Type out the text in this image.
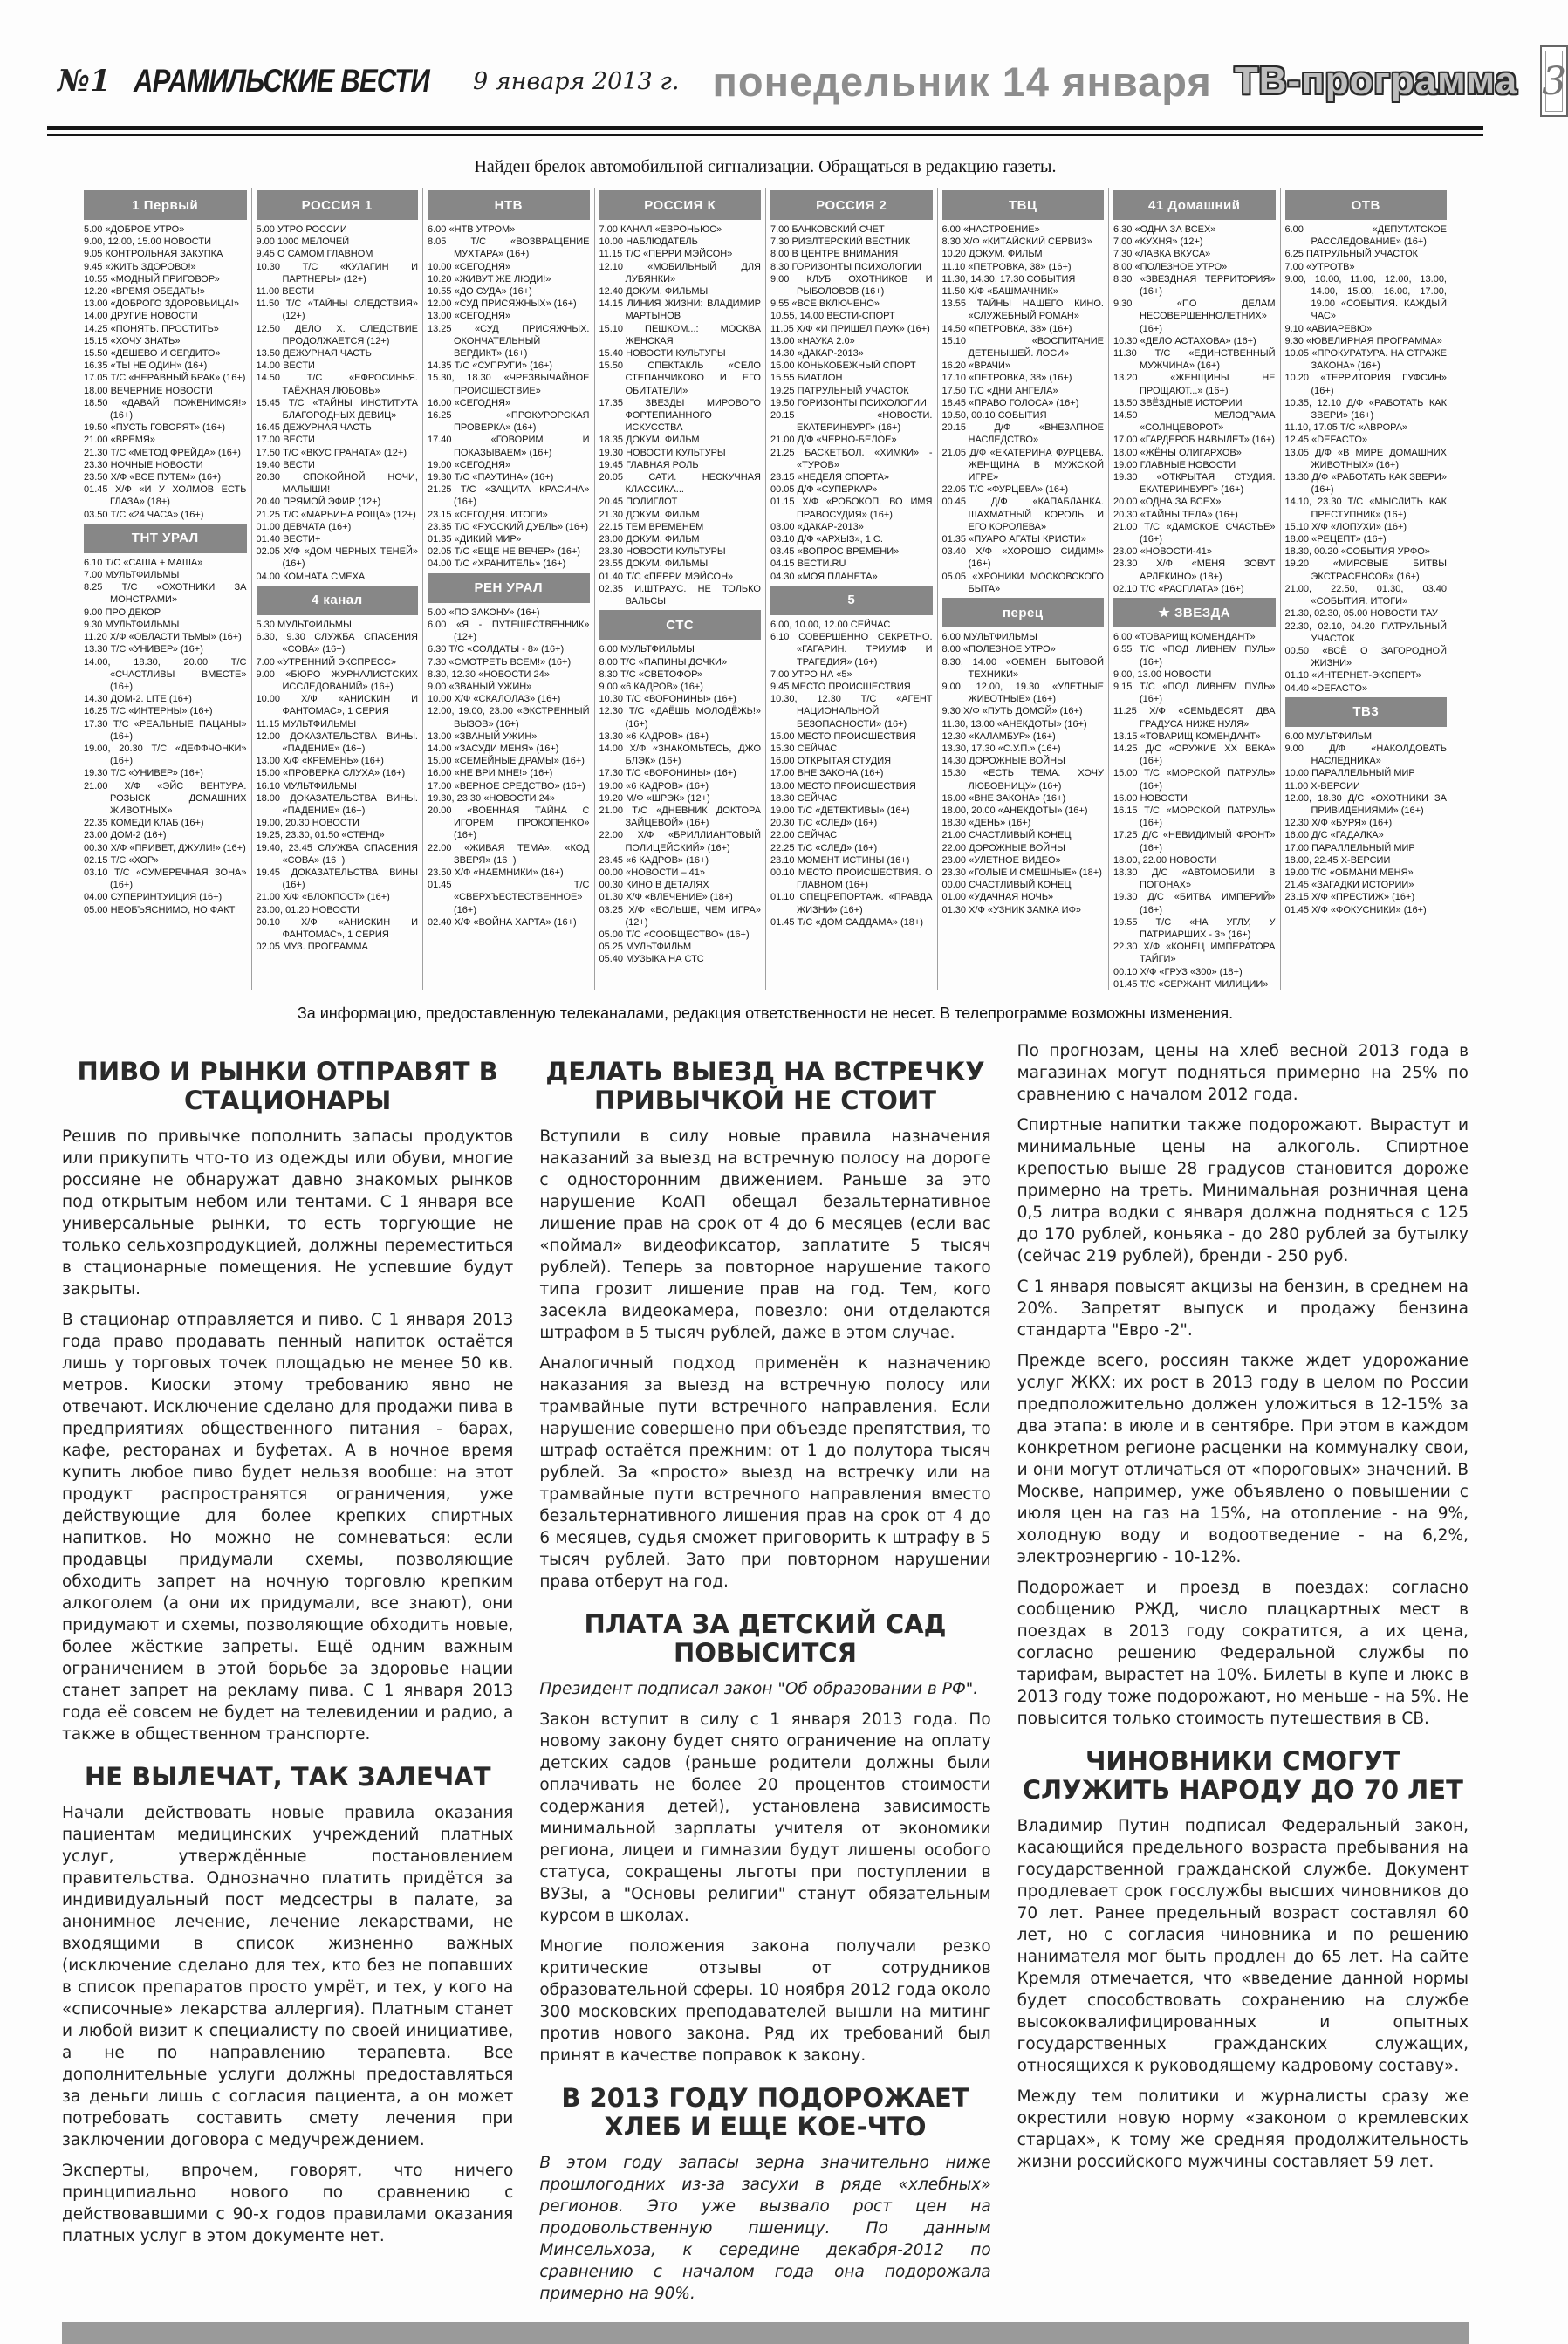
№1 АРАМИЛЬСКИЕ ВЕСТИ 9 января 2013 г. понедельник 14 января ТВ-программа 3

Найден брелок автомобильной сигнализации. Обращаться в редакцию газеты.

1 Первый

5.00 «ДОБРОЕ УТРО»

9.00, 12.00, 15.00 НОВОСТИ

9.05 КОНТРОЛЬНАЯ ЗАКУПКА

9.45 «ЖИТЬ ЗДОРОВО!»

10.55 «МОДНЫЙ ПРИГОВОР»

12.20 «ВРЕМЯ ОБЕДАТЬ!»

13.00 «ДОБРОГО ЗДОРОВЬИЦА!»

14.00 ДРУГИЕ НОВОСТИ

14.25 «ПОНЯТЬ. ПРОСТИТЬ»

15.15 «ХОЧУ ЗНАТЬ»

15.50 «ДЕШЕВО И СЕРДИТО»

16.35 «ТЫ НЕ ОДИН» (16+)

17.05 Т/С «НЕРАВНЫЙ БРАК» (16+)

18.00 ВЕЧЕРНИЕ НОВОСТИ

18.50 «ДАВАЙ ПОЖЕНИМСЯ!» (16+)

19.50 «ПУСТЬ ГОВОРЯТ» (16+)

21.00 «ВРЕМЯ»

21.30 Т/С «МЕТОД ФРЕЙДА» (16+)

23.30 НОЧНЫЕ НОВОСТИ

23.50 Х/Ф «ВСЕ ПУТЕМ» (16+)

01.45 Х/Ф «И У ХОЛМОВ ЕСТЬ ГЛАЗА» (18+)

03.50 Т/С «24 ЧАСА» (16+)

ТНТ УРАЛ

6.10 Т/С «САША + МАША»

7.00 МУЛЬТФИЛЬМЫ

8.25 Т/С «ОХОТНИКИ ЗА МОНСТРАМИ»

9.00 ПРО ДЕКОР

9.30 МУЛЬТФИЛЬМЫ

11.20 Х/Ф «ОБЛАСТИ ТЬМЫ» (16+)

13.30 Т/С «УНИВЕР» (16+)

14.00, 18.30, 20.00 Т/С «СЧАСТЛИВЫ ВМЕСТЕ» (16+)

14.30 ДОМ-2. LITE (16+)

16.25 Т/С «ИНТЕРНЫ» (16+)

17.30 Т/С «РЕАЛЬНЫЕ ПАЦАНЫ» (16+)

19.00, 20.30 Т/С «ДЕФФЧОНКИ» (16+)

19.30 Т/С «УНИВЕР» (16+)

21.00 Х/Ф «ЭЙС ВЕНТУРА. РОЗЫСК ДОМАШНИХ ЖИВОТНЫХ»

22.35 КОМЕДИ КЛАБ (16+)

23.00 ДОМ-2 (16+)

00.30 Х/Ф «ПРИВЕТ, ДЖУЛИ!» (16+)

02.15 Т/С «ХОР»

03.10 Т/С «СУМЕРЕЧНАЯ ЗОНА» (16+)

04.00 СУПЕРИНТУИЦИЯ (16+)

05.00 НЕОБЪЯСНИМО, НО ФАКТ

РОССИЯ 1

5.00 УТРО РОССИИ

9.00 1000 МЕЛОЧЕЙ

9.45 О САМОМ ГЛАВНОМ

10.30 Т/С «КУЛАГИН И ПАРТНЕРЫ» (12+)

11.00 ВЕСТИ

11.50 Т/С «ТАЙНЫ СЛЕДСТВИЯ» (12+)

12.50 ДЕЛО Х. СЛЕДСТВИЕ ПРОДОЛЖАЕТСЯ (12+)

13.50 ДЕЖУРНАЯ ЧАСТЬ

14.00 ВЕСТИ

14.50 Т/С «ЕФРОСИНЬЯ. ТАЁЖНАЯ ЛЮБОВЬ»

15.45 Т/С «ТАЙНЫ ИНСТИТУТА БЛАГОРОДНЫХ ДЕВИЦ»

16.45 ДЕЖУРНАЯ ЧАСТЬ

17.00 ВЕСТИ

17.50 Т/С «ВКУС ГРАНАТА» (12+)

19.40 ВЕСТИ

20.30 СПОКОЙНОЙ НОЧИ, МАЛЫШИ!

20.40 ПРЯМОЙ ЭФИР (12+)

21.25 Т/С «МАРЬИНА РОЩА» (12+)

01.00 ДЕВЧАТА (16+)

01.40 ВЕСТИ+

02.05 Х/Ф «ДОМ ЧЕРНЫХ ТЕНЕЙ» (16+)

04.00 КОМНАТА СМЕХА

4 канал

5.30 МУЛЬТФИЛЬМЫ

6.30, 9.30 СЛУЖБА СПАСЕНИЯ «СОВА» (16+)

7.00 «УТРЕННИЙ ЭКСПРЕСС»

9.00 «БЮРО ЖУРНАЛИСТСКИХ ИССЛЕДОВАНИЙ» (16+)

10.00 Х/Ф «АНИСКИН И ФАНТОМАС», 1 СЕРИЯ

11.15 МУЛЬТФИЛЬМЫ

12.00 ДОКАЗАТЕЛЬСТВА ВИНЫ. «ПАДЕНИЕ» (16+)

13.00 Х/Ф «КРЕМЕНЬ» (16+)

15.00 «ПРОВЕРКА СЛУХА» (16+)

16.10 МУЛЬТФИЛЬМЫ

18.00 ДОКАЗАТЕЛЬСТВА ВИНЫ. «ПАДЕНИЕ» (16+)

19.00, 20.30 НОВОСТИ

19.25, 23.30, 01.50 «СТЕНД»

19.40, 23.45 СЛУЖБА СПАСЕНИЯ «СОВА» (16+)

19.45 ДОКАЗАТЕЛЬСТВА ВИНЫ (16+)

21.00 Х/Ф «БЛОКПОСТ» (16+)

23.00, 01.20 НОВОСТИ

00.10 Х/Ф «АНИСКИН И ФАНТОМАС», 1 СЕРИЯ

02.05 МУЗ. ПРОГРАММА

НТВ

6.00 «НТВ УТРОМ»

8.05 Т/С «ВОЗВРАЩЕНИЕ МУХТАРА» (16+)

10.00 «СЕГОДНЯ»

10.20 «ЖИВУТ ЖЕ ЛЮДИ!»

10.55 «ДО СУДА» (16+)

12.00 «СУД ПРИСЯЖНЫХ» (16+)

13.00 «СЕГОДНЯ»

13.25 «СУД ПРИСЯЖНЫХ. ОКОНЧАТЕЛЬНЫЙ ВЕРДИКТ» (16+)

14.35 Т/С «СУПРУГИ» (16+)

15.30, 18.30 «ЧРЕЗВЫЧАЙНОЕ ПРОИСШЕСТВИЕ»

16.00 «СЕГОДНЯ»

16.25 «ПРОКУРОРСКАЯ ПРОВЕРКА» (16+)

17.40 «ГОВОРИМ И ПОКАЗЫВАЕМ» (16+)

19.00 «СЕГОДНЯ»

19.30 Т/С «ПАУТИНА» (16+)

21.25 Т/С «ЗАЩИТА КРАСИНА» (16+)

23.15 «СЕГОДНЯ. ИТОГИ»

23.35 Т/С «РУССКИЙ ДУБЛЬ» (16+)

01.35 «ДИКИЙ МИР»

02.05 Т/С «ЕЩЕ НЕ ВЕЧЕР» (16+)

04.00 Т/С «ХРАНИТЕЛЬ» (16+)

РЕН УРАЛ

5.00 «ПО ЗАКОНУ» (16+)

6.00 «Я - ПУТЕШЕСТВЕННИК» (12+)

6.30 Т/С «СОЛДАТЫ - 8» (16+)

7.30 «СМОТРЕТЬ ВСЕМ!» (16+)

8.30, 12.30 «НОВОСТИ 24»

9.00 «ЗВАНЫЙ УЖИН»

10.00 Х/Ф «СКАЛОЛАЗ» (16+)

12.00, 19.00, 23.00 «ЭКСТРЕННЫЙ ВЫЗОВ» (16+)

13.00 «ЗВАНЫЙ УЖИН»

14.00 «ЗАСУДИ МЕНЯ» (16+)

15.00 «СЕМЕЙНЫЕ ДРАМЫ» (16+)

16.00 «НЕ ВРИ МНЕ!» (16+)

17.00 «ВЕРНОЕ СРЕДСТВО» (16+)

19.30, 23.30 «НОВОСТИ 24»

20.00 «ВОЕННАЯ ТАЙНА С ИГОРЕМ ПРОКОПЕНКО» (16+)

22.00 «ЖИВАЯ ТЕМА». «КОД ЗВЕРЯ» (16+)

23.50 Х/Ф «НАЕМНИКИ» (16+)

01.45 Т/С «СВЕРХЪЕСТЕСТВЕННОЕ» (16+)

02.40 Х/Ф «ВОЙНА ХАРТА» (16+)

РОССИЯ К

7.00 КАНАЛ «ЕВРОНЬЮС»

10.00 НАБЛЮДАТЕЛЬ

11.15 Т/С «ПЕРРИ МЭЙСОН»

12.10 «МОБИЛЬНЫЙ ДЛЯ ЛУБЯНКИ»

12.40 ДОКУМ. ФИЛЬМЫ

14.15 ЛИНИЯ ЖИЗНИ: ВЛАДИМИР МАРТЫНОВ

15.10 ПЕШКОМ...: МОСКВА ЖЕНСКАЯ

15.40 НОВОСТИ КУЛЬТУРЫ

15.50 СПЕКТАКЛЬ «СЕЛО СТЕПАНЧИКОВО И ЕГО ОБИТАТЕЛИ»

17.35 ЗВЕЗДЫ МИРОВОГО ФОРТЕПИАННОГО ИСКУССТВА

18.35 ДОКУМ. ФИЛЬМ

19.30 НОВОСТИ КУЛЬТУРЫ

19.45 ГЛАВНАЯ РОЛЬ

20.05 САТИ. НЕСКУЧНАЯ КЛАССИКА...

20.45 ПОЛИГЛОТ

21.30 ДОКУМ. ФИЛЬМ

22.15 ТЕМ ВРЕМЕНЕМ

23.00 ДОКУМ. ФИЛЬМ

23.30 НОВОСТИ КУЛЬТУРЫ

23.55 ДОКУМ. ФИЛЬМЫ

01.40 Т/С «ПЕРРИ МЭЙСОН»

02.35 И.ШТРАУС. НЕ ТОЛЬКО ВАЛЬСЫ

СТС

6.00 МУЛЬТФИЛЬМЫ

8.00 Т/С «ПАПИНЫ ДОЧКИ»

8.30 Т/С «СВЕТОФОР»

9.00 «6 КАДРОВ» (16+)

10.30 Т/С «ВОРОНИНЫ» (16+)

12.30 Т/С «ДАЁШЬ МОЛОДЁЖЬ!» (16+)

13.30 «6 КАДРОВ» (16+)

14.00 Х/Ф «ЗНАКОМЬТЕСЬ, ДЖО БЛЭК» (16+)

17.30 Т/С «ВОРОНИНЫ» (16+)

19.00 «6 КАДРОВ» (16+)

19.20 М/Ф «ШРЭК» (12+)

21.00 Т/С «ДНЕВНИК ДОКТОРА ЗАЙЦЕВОЙ» (16+)

22.00 Х/Ф «БРИЛЛИАНТОВЫЙ ПОЛИЦЕЙСКИЙ» (16+)

23.45 «6 КАДРОВ» (16+)

00.00 «НОВОСТИ – 41»

00.30 КИНО В ДЕТАЛЯХ

01.30 Х/Ф «ВЛЕЧЕНИЕ» (18+)

03.25 Х/Ф «БОЛЬШЕ, ЧЕМ ИГРА» (12+)

05.00 Т/С «СООБЩЕСТВО» (16+)

05.25 МУЛЬТФИЛЬМ

05.40 МУЗЫКА НА СТС

РОССИЯ 2

7.00 БАНКОВСКИЙ СЧЕТ

7.30 РИЭЛТЕРСКИЙ ВЕСТНИК

8.00 В ЦЕНТРЕ ВНИМАНИЯ

8.30 ГОРИЗОНТЫ ПСИХОЛОГИИ

9.00 КЛУБ ОХОТНИКОВ И РЫБОЛОВОВ (16+)

9.55 «ВСЕ ВКЛЮЧЕНО»

10.55, 14.00 ВЕСТИ-СПОРТ

11.05 Х/Ф «И ПРИШЕЛ ПАУК» (16+)

13.00 «НАУКА 2.0»

14.30 «ДАКАР-2013»

15.00 КОНЬКОБЕЖНЫЙ СПОРТ

15.55 БИАТЛОН

19.25 ПАТРУЛЬНЫЙ УЧАСТОК

19.50 ГОРИЗОНТЫ ПСИХОЛОГИИ

20.15 «НОВОСТИ. ЕКАТЕРИНБУРГ» (16+)

21.00 Д/Ф «ЧЕРНО-БЕЛОЕ»

21.25 БАСКЕТБОЛ. «ХИМКИ» - «ТУРОВ»

23.15 «НЕДЕЛЯ СПОРТА»

00.05 Д/Ф «СУПЕРКАР»

01.15 Х/Ф «РОБОКОП. ВО ИМЯ ПРАВОСУДИЯ» (16+)

03.00 «ДАКАР-2013»

03.10 Д/Ф «АРХЫЗ», 1 С.

03.45 «ВОПРОС ВРЕМЕНИ»

04.15 ВЕСТИ.RU

04.30 «МОЯ ПЛАНЕТА»

5

6.00, 10.00, 12.00 СЕЙЧАС

6.10 СОВЕРШЕННО СЕКРЕТНО. «ГАГАРИН. ТРИУМФ И ТРАГЕДИЯ» (16+)

7.00 УТРО НА «5»

9.45 МЕСТО ПРОИСШЕСТВИЯ

10.30, 12.30 Т/С «АГЕНТ НАЦИОНАЛЬНОЙ БЕЗОПАСНОСТИ» (16+)

15.00 МЕСТО ПРОИСШЕСТВИЯ

15.30 СЕЙЧАС

16.00 ОТКРЫТАЯ СТУДИЯ

17.00 ВНЕ ЗАКОНА (16+)

18.00 МЕСТО ПРОИСШЕСТВИЯ

18.30 СЕЙЧАС

19.00 Т/С «ДЕТЕКТИВЫ» (16+)

20.30 Т/С «СЛЕД» (16+)

22.00 СЕЙЧАС

22.25 Т/С «СЛЕД» (16+)

23.10 МОМЕНТ ИСТИНЫ (16+)

00.10 МЕСТО ПРОИСШЕСТВИЯ. О ГЛАВНОМ (16+)

01.10 СПЕЦРЕПОРТАЖ. «ПРАВДА ЖИЗНИ» (16+)

01.45 Т/С «ДОМ САДДАМА» (18+)

ТВЦ

6.00 «НАСТРОЕНИЕ»

8.30 Х/Ф «КИТАЙСКИЙ СЕРВИЗ»

10.20 ДОКУМ. ФИЛЬМ

11.10 «ПЕТРОВКА, 38» (16+)

11.30, 14.30, 17.30 СОБЫТИЯ

11.50 Х/Ф «БАШМАЧНИК»

13.55 ТАЙНЫ НАШЕГО КИНО. «СЛУЖЕБНЫЙ РОМАН»

14.50 «ПЕТРОВКА, 38» (16+)

15.10 «ВОСПИТАНИЕ ДЕТЕНЫШЕЙ. ЛОСИ»

16.20 «ВРАЧИ»

17.10 «ПЕТРОВКА, 38» (16+)

17.50 Т/С «ДНИ АНГЕЛА»

18.45 «ПРАВО ГОЛОСА» (16+)

19.50, 00.10 СОБЫТИЯ

20.15 Д/Ф «ВНЕЗАПНОЕ НАСЛЕДСТВО»

21.05 Д/Ф «ЕКАТЕРИНА ФУРЦЕВА. ЖЕНЩИНА В МУЖСКОЙ ИГРЕ»

22.05 Т/С «ФУРЦЕВА» (16+)

00.45 Д/Ф «КАПАБЛАНКА. ШАХМАТНЫЙ КОРОЛЬ И ЕГО КОРОЛЕВА»

01.35 «ПУАРО АГАТЫ КРИСТИ»

03.40 Х/Ф «ХОРОШО СИДИМ!» (16+)

05.05 «ХРОНИКИ МОСКОВСКОГО БЫТА»

перец

6.00 МУЛЬТФИЛЬМЫ

8.00 «ПОЛЕЗНОЕ УТРО»

8.30, 14.00 «ОБМЕН БЫТОВОЙ ТЕХНИКИ»

9.00, 12.00, 19.30 «УЛЕТНЫЕ ЖИВОТНЫЕ» (16+)

9.30 Х/Ф «ПУТЬ ДОМОЙ» (16+)

11.30, 13.00 «АНЕКДОТЫ» (16+)

12.30 «КАЛАМБУР» (16+)

13.30, 17.30 «С.У.П.» (16+)

14.30 ДОРОЖНЫЕ ВОЙНЫ

15.30 «ЕСТЬ ТЕМА. ХОЧУ ЛЮБОВНИЦУ» (16+)

16.00 «ВНЕ ЗАКОНА» (16+)

18.00, 20.00 «АНЕКДОТЫ» (16+)

18.30 «ДЕНЬ» (16+)

21.00 СЧАСТЛИВЫЙ КОНЕЦ

22.00 ДОРОЖНЫЕ ВОЙНЫ

23.00 «УЛЕТНОЕ ВИДЕО»

23.30 «ГОЛЫЕ И СМЕШНЫЕ» (18+)

00.00 СЧАСТЛИВЫЙ КОНЕЦ

01.00 «УДАЧНАЯ НОЧЬ»

01.30 Х/Ф «УЗНИК ЗАМКА ИФ»

41 Домашний

6.30 «ОДНА ЗА ВСЕХ»

7.00 «КУХНЯ» (12+)

7.30 «ЛАВКА ВКУСА»

8.00 «ПОЛЕЗНОЕ УТРО»

8.30 «ЗВЕЗДНАЯ ТЕРРИТОРИЯ» (16+)

9.30 «ПО ДЕЛАМ НЕСОВЕРШЕННОЛЕТНИХ» (16+)

10.30 «ДЕЛО АСТАХОВА» (16+)

11.30 Т/С «ЕДИНСТВЕННЫЙ МУЖЧИНА» (16+)

13.20 «ЖЕНЩИНЫ НЕ ПРОЩАЮТ...» (16+)

13.50 ЗВЁЗДНЫЕ ИСТОРИИ

14.50 МЕЛОДРАМА «СОЛНЦЕВОРОТ»

17.00 «ГАРДЕРОБ НАВЫЛЕТ» (16+)

18.00 «ЖЁНЫ ОЛИГАРХОВ»

19.00 ГЛАВНЫЕ НОВОСТИ

19.30 «ОТКРЫТАЯ СТУДИЯ. ЕКАТЕРИНБУРГ» (16+)

20.00 «ОДНА ЗА ВСЕХ»

20.30 «ТАЙНЫ ТЕЛА» (16+)

21.00 Т/С «ДАМСКОЕ СЧАСТЬЕ» (16+)

23.00 «НОВОСТИ-41»

23.30 Х/Ф «МЕНЯ ЗОВУТ АРЛЕКИНО» (18+)

02.10 Т/С «РАСПЛАТА» (16+)

★ ЗВЕЗДА

6.00 «ТОВАРИЩ КОМЕНДАНТ»

6.55 Т/С «ПОД ЛИВНЕМ ПУЛЬ» (16+)

9.00, 13.00 НОВОСТИ

9.15 Т/С «ПОД ЛИВНЕМ ПУЛЬ» (16+)

11.25 Х/Ф «СЕМЬДЕСЯТ ДВА ГРАДУСА НИЖЕ НУЛЯ»

13.15 «ТОВАРИЩ КОМЕНДАНТ»

14.25 Д/С «ОРУЖИЕ ХХ ВЕКА» (16+)

15.00 Т/С «МОРСКОЙ ПАТРУЛЬ» (16+)

16.00 НОВОСТИ

16.15 Т/С «МОРСКОЙ ПАТРУЛЬ» (16+)

17.25 Д/С «НЕВИДИМЫЙ ФРОНТ» (16+)

18.00, 22.00 НОВОСТИ

18.30 Д/С «АВТОМОБИЛИ В ПОГОНАХ»

19.30 Д/С «БИТВА ИМПЕРИЙ» (16+)

19.55 Т/С «НА УГЛУ, У ПАТРИАРШИХ - 3» (16+)

22.30 Х/Ф «КОНЕЦ ИМПЕРАТОРА ТАЙГИ»

00.10 Х/Ф «ГРУЗ «300» (18+)

01.45 Т/С «СЕРЖАНТ МИЛИЦИИ»

ОТВ

6.00 «ДЕПУТАТСКОЕ РАССЛЕДОВАНИЕ» (16+)

6.25 ПАТРУЛЬНЫЙ УЧАСТОК

7.00 «УТРОТВ»

9.00, 10.00, 11.00, 12.00, 13.00, 14.00, 15.00, 16.00, 17.00, 19.00 «СОБЫТИЯ. КАЖДЫЙ ЧАС»

9.10 «АВИАРЕВЮ»

9.30 «ЮВЕЛИРНАЯ ПРОГРАММА»

10.05 «ПРОКУРАТУРА. НА СТРАЖЕ ЗАКОНА» (16+)

10.20 «ТЕРРИТОРИЯ ГУФСИН» (16+)

10.35, 12.10 Д/Ф «РАБОТАТЬ КАК ЗВЕРИ» (16+)

11.10, 17.05 Т/С «АВРОРА»

12.45 «DEFACTO»

13.05 Д/Ф «В МИРЕ ДОМАШНИХ ЖИВОТНЫХ» (16+)

13.30 Д/Ф «РАБОТАТЬ КАК ЗВЕРИ» (16+)

14.10, 23.30 Т/С «МЫСЛИТЬ КАК ПРЕСТУПНИК» (16+)

15.10 Х/Ф «ЛОПУХИ» (16+)

18.00 «РЕЦЕПТ» (16+)

18.30, 00.20 «СОБЫТИЯ УРФО»

19.20 «МИРОВЫЕ БИТВЫ ЭКСТРАСЕНСОВ» (16+)

21.00, 22.50, 01.30, 03.40 «СОБЫТИЯ. ИТОГИ»

21.30, 02.30, 05.00 НОВОСТИ ТАУ

22.30, 02.10, 04.20 ПАТРУЛЬНЫЙ УЧАСТОК

00.50 «ВСЁ О ЗАГОРОДНОЙ ЖИЗНИ»

01.10 «ИНТЕРНЕТ-ЭКСПЕРТ»

04.40 «DEFACTO»

ТВ3

6.00 МУЛЬТФИЛЬМ

9.00 Д/Ф «НАКОЛДОВАТЬ НАСЛЕДНИКА»

10.00 ПАРАЛЛЕЛЬНЫЙ МИР

11.00 Х-ВЕРСИИ

12.00, 18.30 Д/С «ОХОТНИКИ ЗА ПРИВИДЕНИЯМИ» (16+)

12.30 Х/Ф «БУРЯ» (16+)

16.00 Д/С «ГАДАЛКА»

17.00 ПАРАЛЛЕЛЬНЫЙ МИР

18.00, 22.45 Х-ВЕРСИИ

19.00 Т/С «ОБМАНИ МЕНЯ»

21.45 «ЗАГАДКИ ИСТОРИИ»

23.15 Х/Ф «ПРЕСТИЖ» (16+)

01.45 Х/Ф «ФОКУСНИКИ» (16+)

За информацию, предоставленную телеканалами, редакция ответственности не несет. В телепрограмме возможны изменения.

ПИВО И РЫНКИ ОТПРАВЯТ В СТАЦИОНАРЫ

Решив по привычке пополнить запасы продуктов или прикупить что-то из одежды или обуви, многие россияне не обнаружат давно знакомых рынков под открытым небом или тентами. С 1 января все универсальные рынки, то есть торгующие не только сельхозпродукцией, должны переместиться в стационарные помещения. Не успевшие будут закрыты.

В стационар отправляется и пиво. С 1 января 2013 года право продавать пенный напиток остаётся лишь у торговых точек площадью не менее 50 кв. метров. Киоски этому требованию явно не отвечают. Исключение сделано для продажи пива в предприятиях общественного питания - барах, кафе, ресторанах и буфетах. А в ночное время купить любое пиво будет нельзя вообще: на этот продукт распространятся ограничения, уже действующие для более крепких спиртных напитков. Но можно не сомневаться: если продавцы придумали схемы, позволяющие обходить запрет на ночную торговлю крепким алкоголем (а они их придумали, все знают), они придумают и схемы, позволяющие обходить новые, более жёсткие запреты. Ещё одним важным ограничением в этой борьбе за здоровье нации станет запрет на рекламу пива. С 1 января 2013 года её совсем не будет на телевидении и радио, а также в общественном транспорте.

НЕ ВЫЛЕЧАТ, ТАК ЗАЛЕЧАТ

Начали действовать новые правила оказания пациентам медицинских учреждений платных услуг, утверждённые постановлением правительства. Однозначно платить придётся за индивидуальный пост медсестры в палате, за анонимное лечение, лечение лекарствами, не входящими в список жизненно важных (исключение сделано для тех, кто без не попавших в список препаратов просто умрёт, и тех, у кого на «списочные» лекарства аллергия). Платным станет и любой визит к специалисту по своей инициативе, а не по направлению терапевта. Все дополнительные услуги должны предоставляться за деньги лишь с согласия пациента, а он может потребовать составить смету лечения при заключении договора с медучреждением.

Эксперты, впрочем, говорят, что ничего принципиально нового по сравнению с действовавшими с 90-х годов правилами оказания платных услуг в этом документе нет.

ДЕЛАТЬ ВЫЕЗД НА ВСТРЕЧКУ ПРИВЫЧКОЙ НЕ СТОИТ

Вступили в силу новые правила назначения наказаний за выезд на встречную полосу на дороге с односторонним движением. Раньше за это нарушение КоАП обещал безальтернативное лишение прав на срок от 4 до 6 месяцев (если вас «поймал» видеофиксатор, заплатите 5 тысяч рублей). Теперь за повторное нарушение такого типа грозит лишение прав на год. Тем, кого засекла видеокамера, повезло: они отделаются штрафом в 5 тысяч рублей, даже в этом случае.

Аналогичный подход применён к назначению наказания за выезд на встречную полосу или трамвайные пути встречного направления. Если нарушение совершено при объезде препятствия, то штраф остаётся прежним: от 1 до полутора тысяч рублей. За «просто» выезд на встречку или на трамвайные пути встречного направления вместо безальтернативного лишения прав на срок от 4 до 6 месяцев, судья сможет приговорить к штрафу в 5 тысяч рублей. Зато при повторном нарушении права отберут на год.

ПЛАТА ЗА ДЕТСКИЙ САД ПОВЫСИТСЯ

Президент подписал закон "Об образовании в РФ".

Закон вступит в силу с 1 января 2013 года. По новому закону будет снято ограничение на оплату детских садов (раньше родители должны были оплачивать не более 20 процентов стоимости содержания детей), установлена зависимость минимальной зарплаты учителя от экономики региона, лицеи и гимназии будут лишены особого статуса, сокращены льготы при поступлении в ВУЗы, а "Основы религии" станут обязательным курсом в школах.

Многие положения закона получали резко критические отзывы от сотрудников образовательной сферы. 10 ноября 2012 года около 300 московских преподавателей вышли на митинг против нового закона. Ряд их требований был принят в качестве поправок к закону.

В 2013 ГОДУ ПОДОРОЖАЕТ ХЛЕБ И ЕЩЕ КОЕ-ЧТО

В этом году запасы зерна значительно ниже прошлогодних из-за засухи в ряде «хлебных» регионов. Это уже вызвало рост цен на продовольственную пшеницу. По данным Минсельхоза, к середине декабря-2012 по сравнению с началом года она подорожала примерно на 90%.

По прогнозам, цены на хлеб весной 2013 года в магазинах могут подняться примерно на 25% по сравнению с началом 2012 года.

Спиртные напитки также подорожают. Вырастут и минимальные цены на алкоголь. Спиртное крепостью выше 28 градусов становится дороже примерно на треть. Минимальная розничная цена 0,5 литра водки с января должна подняться с 125 до 170 рублей, коньяка - до 280 рублей за бутылку (сейчас 219 рублей), бренди - 250 руб.

С 1 января повысят акцизы на бензин, в среднем на 20%. Запретят выпуск и продажу бензина стандарта "Евро -2".

Прежде всего, россиян также ждет удорожание услуг ЖКХ: их рост в 2013 году в целом по России предположительно должен уложиться в 12-15% за два этапа: в июле и в сентябре. При этом в каждом конкретном регионе расценки на коммуналку свои, и они могут отличаться от «пороговых» значений. В Москве, например, уже объявлено о повышении с июля цен на газ на 15%, на отопление - на 9%, холодную воду и водоотведение - на 6,2%, электроэнергию - 10-12%.

Подорожает и проезд в поездах: согласно сообщению РЖД, число плацкартных мест в поездах в 2013 году сократится, а их цена, согласно решению Федеральной службы по тарифам, вырастет на 10%. Билеты в купе и люкс в 2013 году тоже подорожают, но меньше - на 5%. Не повысится только стоимость путешествия в СВ.

ЧИНОВНИКИ СМОГУТ СЛУЖИТЬ НАРОДУ ДО 70 ЛЕТ

Владимир Путин подписал Федеральный закон, касающийся предельного возраста пребывания на государственной гражданской службе. Документ продлевает срок госслужбы высших чиновников до 70 лет. Ранее предельный возраст составлял 60 лет, но с согласия чиновника и по решению нанимателя мог быть продлен до 65 лет. На сайте Кремля отмечается, что «введение данной нормы будет способствовать сохранению на службе высококвалифицированных и опытных государственных гражданских служащих, относящихся к руководящему кадровому составу».

Между тем политики и журналисты сразу же окрестили новую норму «законом о кремлевских старцах», к тому же средняя продолжительность жизни российского мужчины составляет 59 лет.
